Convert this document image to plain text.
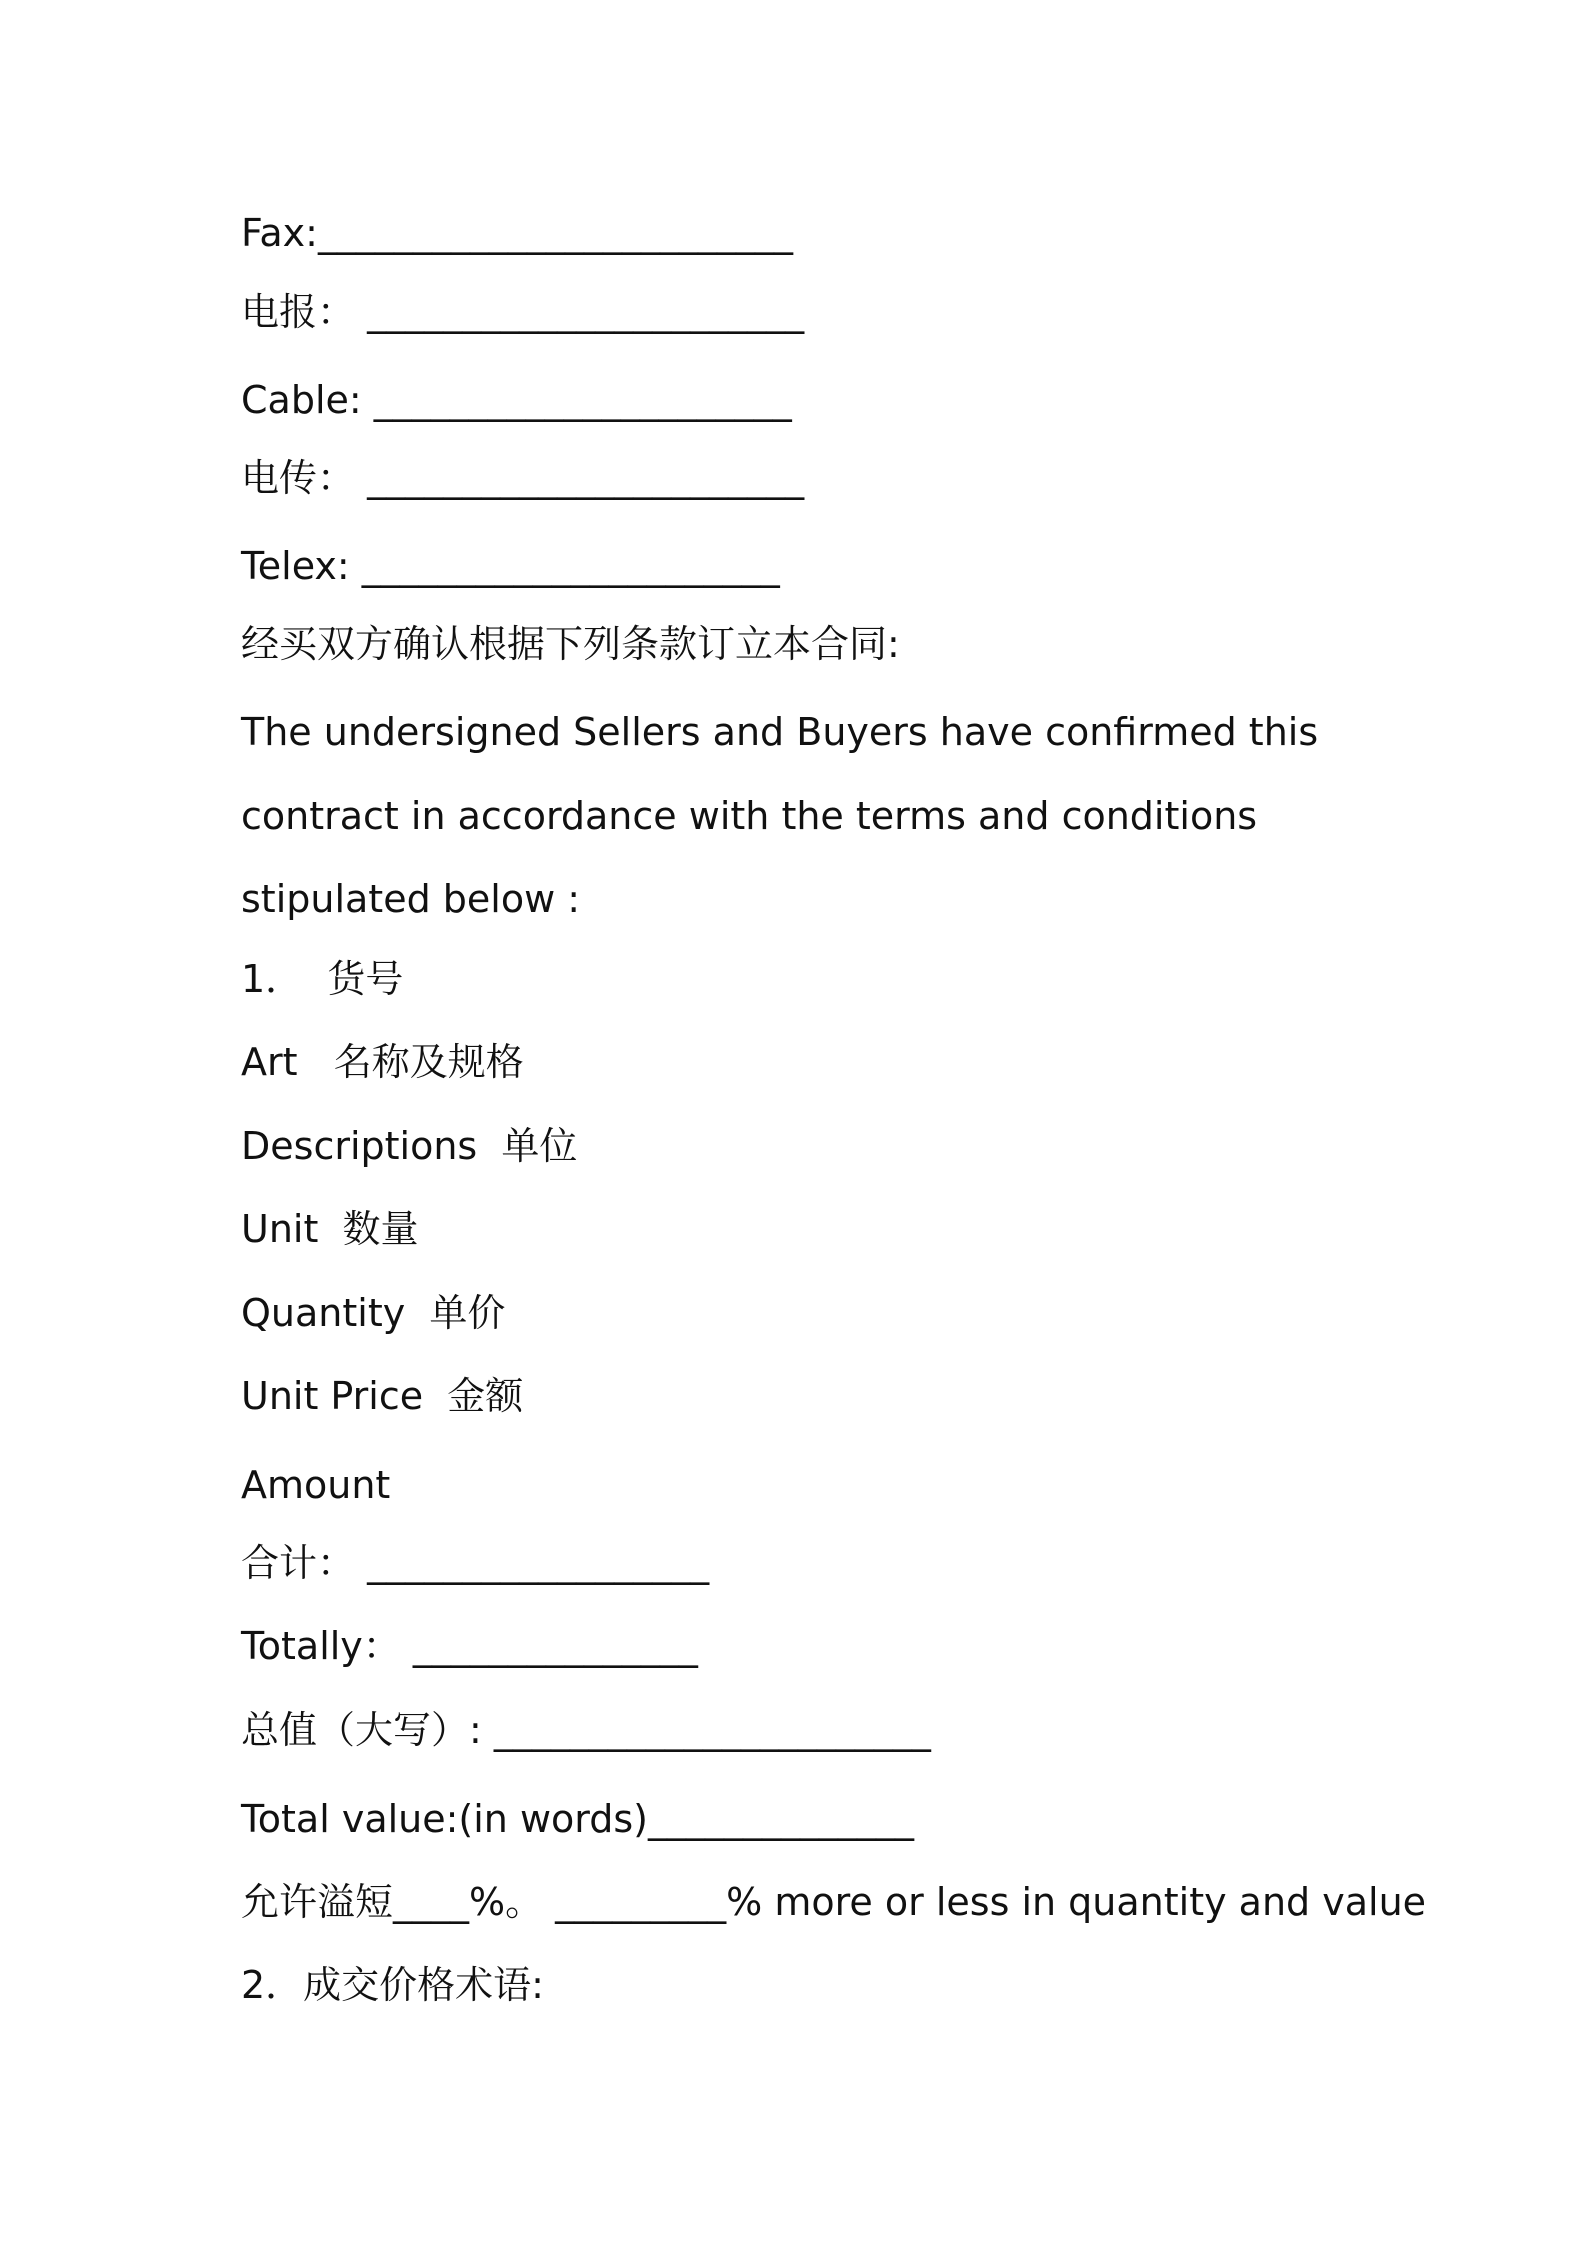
Fax:_________________________
电报： _______________________
Cable: ______________________
电传： _______________________
Telex: ______________________
经买双方确认根据下列条款订立本合同:
The undersigned Sellers and Buyers have confirmed this
contract in accordance with the terms and conditions
stipulated below :
1．  货号
Art   名称及规格
Descriptions  单位
Unit  数量
Quantity  单价
Unit Price  金额
Amount
合计： __________________
Totally： _______________
总值（大写）: _______________________
Total value:(in words)______________
允许溢短____%。 _________% more or less in quantity and value
2．成交价格术语:
